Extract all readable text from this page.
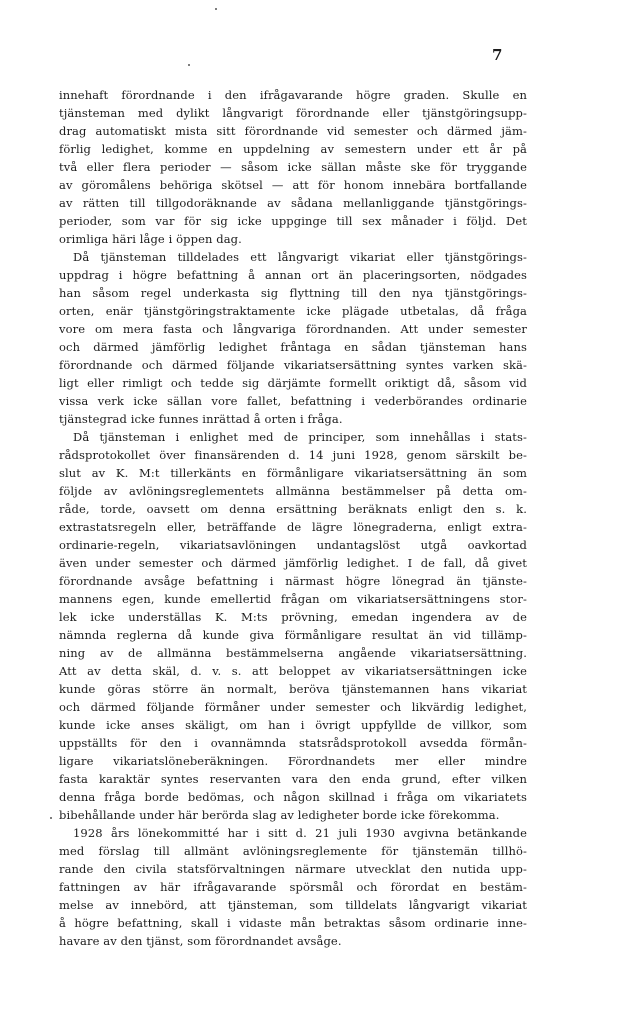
7
innehaft förordnande i den ifrågavarande högre graden. Skulle en
tjänsteman med dylikt långvarigt förordnande eller tjänstgöringsupp-
drag automatiskt mista sitt förordnande vid semester och därmed jäm-
förlig ledighet, komme en uppdelning av semestern under ett år på
två eller flera perioder — såsom icke sällan måste ske för tryggande
av göromålens behöriga skötsel — att för honom innebära bortfallande
av rätten till tillgodoräknande av sådana mellanliggande tjänstgörings-
perioder, som var för sig icke uppginge till sex månader i följd. Det
orimliga häri låge i öppen dag.
Då tjänsteman tilldelades ett långvarigt vikariat eller tjänstgörings-
uppdrag i högre befattning å annan ort än placeringsorten, nödgades
han såsom regel underkasta sig flyttning till den nya tjänstgörings-
orten, enär tjänstgöringstraktamente icke plägade utbetalas, då fråga
vore om mera fasta och långvariga förordnanden. Att under semester
och därmed jämförlig ledighet fråntaga en sådan tjänsteman hans
förordnande och därmed följande vikariatsersättning syntes varken skä-
ligt eller rimligt och tedde sig därjämte formellt oriktigt då, såsom vid
vissa verk icke sällan vore fallet, befattning i vederbörandes ordinarie
tjänstegrad icke funnes inrättad å orten i fråga.
Då tjänsteman i enlighet med de principer, som innehållas i stats-
rådsprotokollet över finansärenden d. 14 juni 1928, genom särskilt be-
slut av K. M:t tillerkänts en förmånligare vikariatsersättning än som
följde av avlöningsreglementets allmänna bestämmelser på detta om-
råde, torde, oavsett om denna ersättning beräknats enligt den s. k.
extrastatsregeln eller, beträffande de lägre lönegraderna, enligt extra-
ordinarie-regeln, vikariatsavlöningen undantagslöst utgå oavkortad
även under semester och därmed jämförlig ledighet. I de fall, då givet
förordnande avsåge befattning i närmast högre lönegrad än tjänste-
mannens egen, kunde emellertid frågan om vikariatsersättningens stor-
lek icke underställas K. M:ts prövning, emedan ingendera av de
nämnda reglerna då kunde giva förmånligare resultat än vid tillämp-
ning av de allmänna bestämmelserna angående vikariatsersättning.
Att av detta skäl, d. v. s. att beloppet av vikariatsersättningen icke
kunde göras större än normalt, beröva tjänstemannen hans vikariat
och därmed följande förmåner under semester och likvärdig ledighet,
kunde icke anses skäligt, om han i övrigt uppfyllde de villkor, som
uppställts för den i ovannämnda statsrådsprotokoll avsedda förmån-
ligare vikariatslöneberäkningen. Förordnandets mer eller mindre
fasta karaktär syntes reservanten vara den enda grund, efter vilken
denna fråga borde bedömas, och någon skillnad i fråga om vikariatets
bibehållande under här berörda slag av ledigheter borde icke förekomma.
1928 års lönekommitté har i sitt d. 21 juli 1930 avgivna betänkande
med förslag till allmänt avlöningsreglemente för tjänstemän tillhö-
rande den civila statsförvaltningen närmare utvecklat den nutida upp-
fattningen av här ifrågavarande spörsmål och förordat en bestäm-
melse av innebörd, att tjänsteman, som tilldelats långvarigt vikariat
å högre befattning, skall i vidaste mån betraktas såsom ordinarie inne-
havare av den tjänst, som förordnandet avsåge.
